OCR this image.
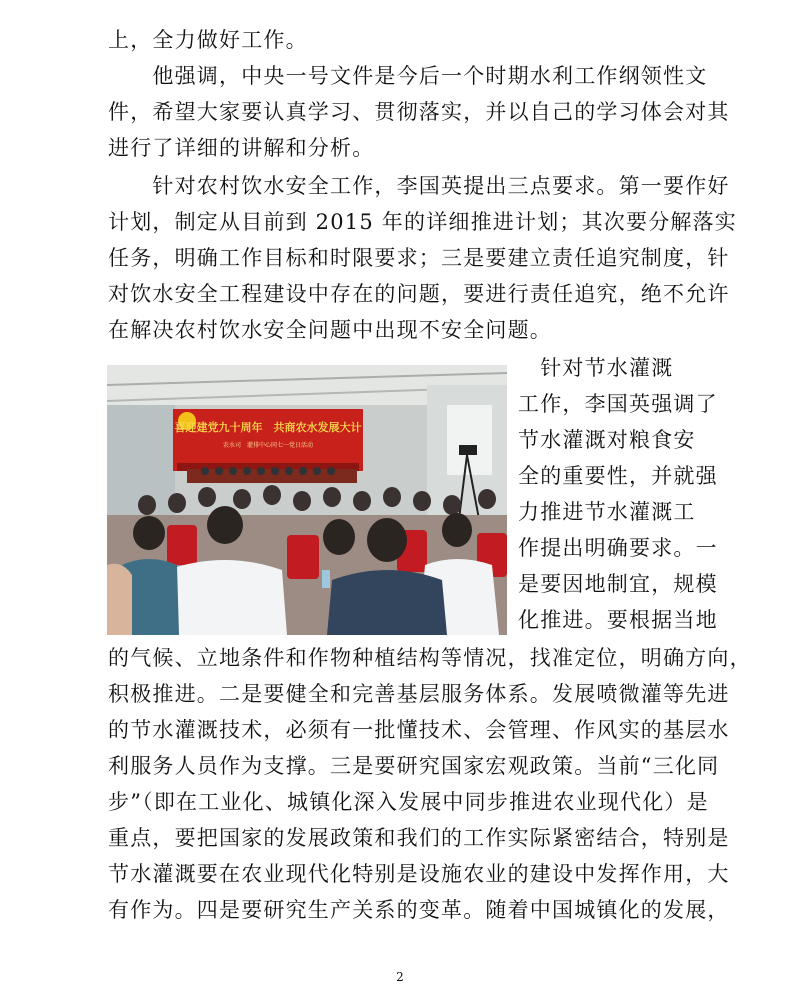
上，全力做好工作。
　　他强调，中央一号文件是今后一个时期水利工作纲领性文
件，希望大家要认真学习、贯彻落实，并以自己的学习体会对其
进行了详细的讲解和分析。
　　针对农村饮水安全工作，李国英提出三点要求。第一要作好
计划，制定从目前到 2015 年的详细推进计划；其次要分解落实
任务，明确工作目标和时限要求；三是要建立责任追究制度，针
对饮水安全工程建设中存在的问题，要进行责任追究，绝不允许
在解决农村饮水安全问题中出现不安全问题。
喜迎建党九十周年　共商农水发展大计
农水司　灌排中心同七一党日活动
　针对节水灌溉
工作，李国英强调了
节水灌溉对粮食安
全的重要性，并就强
力推进节水灌溉工
作提出明确要求。一
是要因地制宜，规模
化推进。要根据当地
的气候、立地条件和作物种植结构等情况，找准定位，明确方向，
积极推进。二是要健全和完善基层服务体系。发展喷微灌等先进
的节水灌溉技术，必须有一批懂技术、会管理、作风实的基层水
利服务人员作为支撑。三是要研究国家宏观政策。当前“三化同
步”（即在工业化、城镇化深入发展中同步推进农业现代化）是
重点，要把国家的发展政策和我们的工作实际紧密结合，特别是
节水灌溉要在农业现代化特别是设施农业的建设中发挥作用，大
有作为。四是要研究生产关系的变革。随着中国城镇化的发展，
2
